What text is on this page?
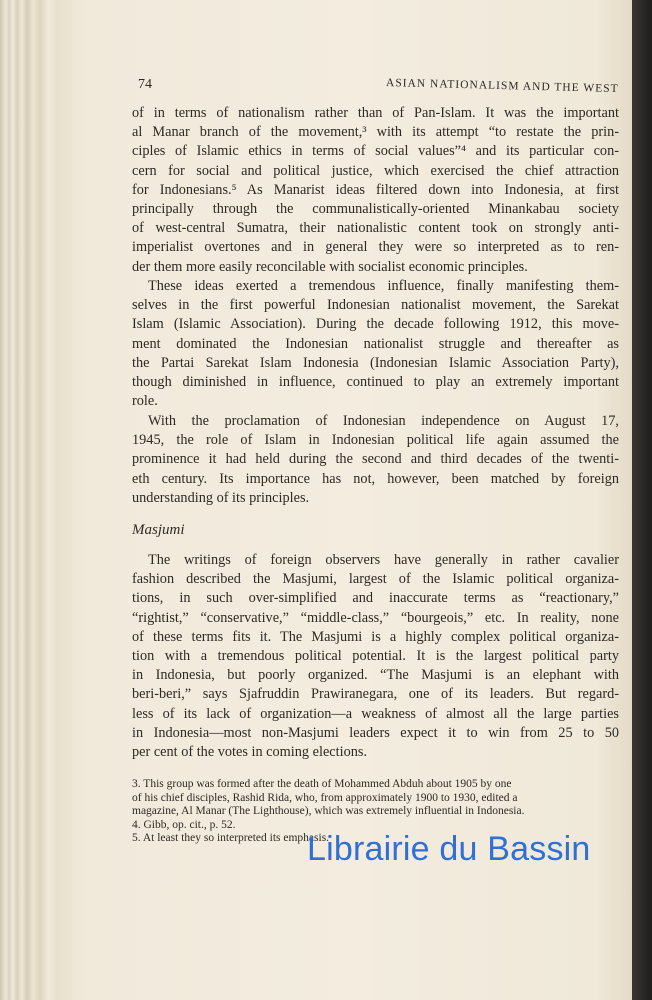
74	ASIAN NATIONALISM AND THE WEST
of in terms of nationalism rather than of Pan-Islam. It was the important
al Manar branch of the movement,³ with its attempt “to restate the prin-
ciples of Islamic ethics in terms of social values”⁴ and its particular con-
cern for social and political justice, which exercised the chief attraction
for Indonesians.⁵ As Manarist ideas filtered down into Indonesia, at first
principally through the communalistically-oriented Minankabau society
of west-central Sumatra, their nationalistic content took on strongly anti-
imperialist overtones and in general they were so interpreted as to ren-
der them more easily reconcilable with socialist economic principles.
These ideas exerted a tremendous influence, finally manifesting them-
selves in the first powerful Indonesian nationalist movement, the Sarekat
Islam (Islamic Association). During the decade following 1912, this move-
ment dominated the Indonesian nationalist struggle and thereafter as
the Partai Sarekat Islam Indonesia (Indonesian Islamic Association Party),
though diminished in influence, continued to play an extremely important
role.
With the proclamation of Indonesian independence on August 17,
1945, the role of Islam in Indonesian political life again assumed the
prominence it had held during the second and third decades of the twenti-
eth century. Its importance has not, however, been matched by foreign
understanding of its principles.
Masjumi
The writings of foreign observers have generally in rather cavalier
fashion described the Masjumi, largest of the Islamic political organiza-
tions, in such over-simplified and inaccurate terms as “reactionary,”
“rightist,” “conservative,” “middle-class,” “bourgeois,” etc. In reality, none
of these terms fits it. The Masjumi is a highly complex political organiza-
tion with a tremendous political potential. It is the largest political party
in Indonesia, but poorly organized. “The Masjumi is an elephant with
beri-beri,” says Sjafruddin Prawiranegara, one of its leaders. But regard-
less of its lack of organization—a weakness of almost all the large parties
in Indonesia—most non-Masjumi leaders expect it to win from 25 to 50
per cent of the votes in coming elections.
3. This group was formed after the death of Mohammed Abduh about 1905 by one
of his chief disciples, Rashid Rida, who, from approximately 1900 to 1930, edited a
magazine, Al Manar (The Lighthouse), which was extremely influential in Indonesia.
4. Gibb, op. cit., p. 52.
5. At least they so interpreted its emphasis.
Librairie du Bassin
